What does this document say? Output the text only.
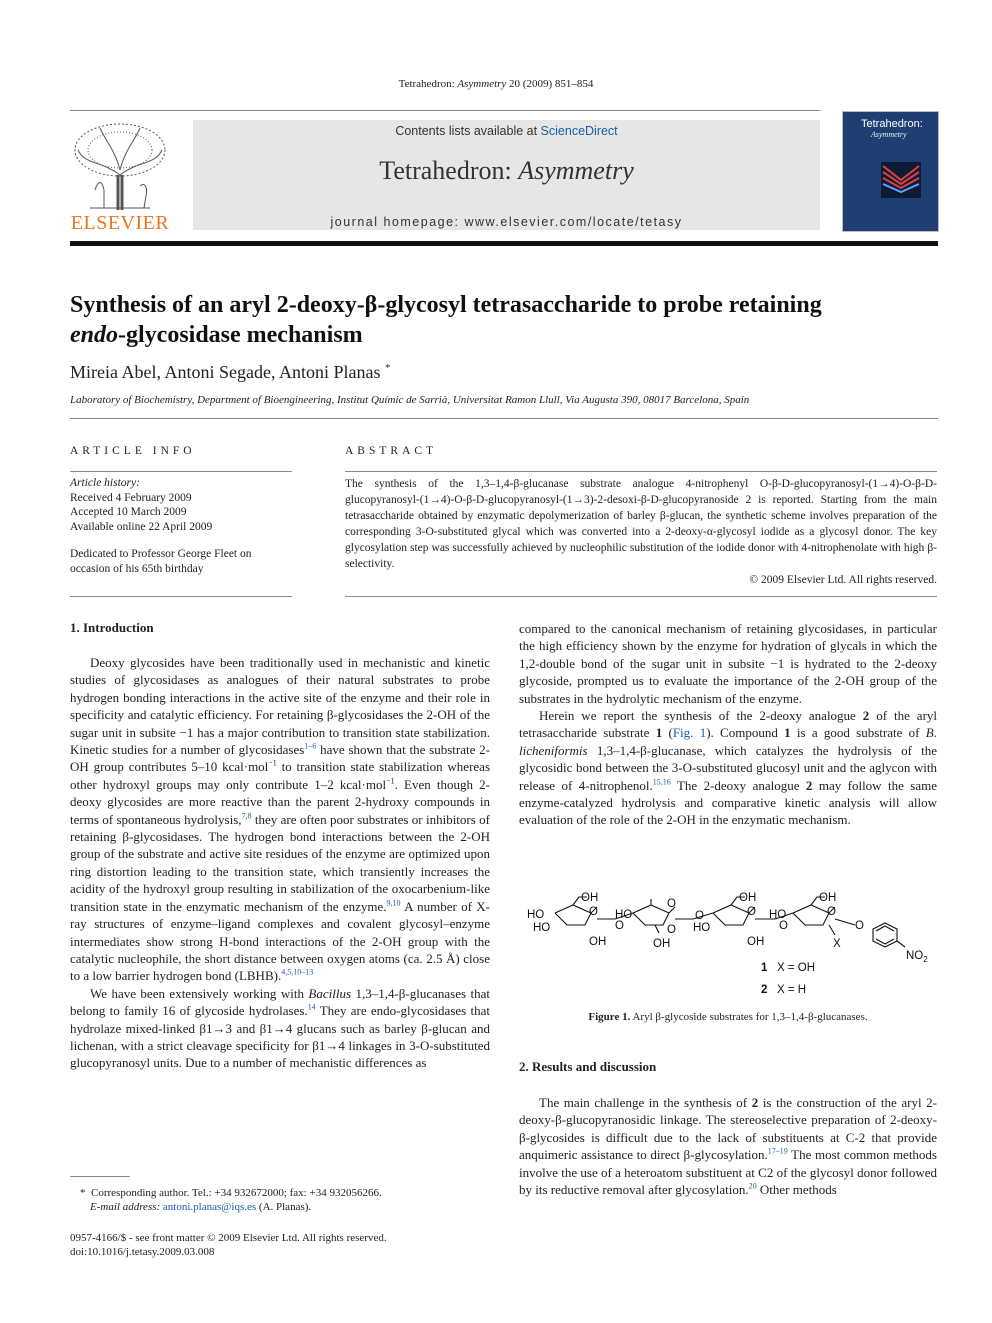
Tetrahedron: Asymmetry 20 (2009) 851–854
ELSEVIER
Contents lists available at ScienceDirect
Tetrahedron: Asymmetry
journal homepage: www.elsevier.com/locate/tetasy
Tetrahedron:
Asymmetry
Synthesis of an aryl 2-deoxy-β-glycosyl tetrasaccharide to probe retaining
endo-glycosidase mechanism
Mireia Abel, Antoni Segade, Antoni Planas *
Laboratory of Biochemistry, Department of Bioengineering, Institut Químic de Sarrià, Universitat Ramon Llull, Via Augusta 390, 08017 Barcelona, Spain
ARTICLE INFO
Article history:
Received 4 February 2009
Accepted 10 March 2009
Available online 22 April 2009

Dedicated to Professor George Fleet on
occasion of his 65th birthday
ABSTRACT
The synthesis of the 1,3–1,4-β-glucanase substrate analogue 4-nitrophenyl O-β-D-glucopyranosyl-(1→4)-O-β-D-glucopyranosyl-(1→4)-O-β-D-glucopyranosyl-(1→3)-2-desoxi-β-D-glucopyranoside 2 is reported. Starting from the main tetrasaccharide obtained by enzymatic depolymerization of barley β-glucan, the synthetic scheme involves preparation of the corresponding 3-O-substituted glycal which was converted into a 2-deoxy-α-glycosyl iodide as a glycosyl donor. The key glycosylation step was successfully achieved by nucleophilic substitution of the iodide donor with 4-nitrophenolate with high β-selectivity.
© 2009 Elsevier Ltd. All rights reserved.
1. Introduction

Deoxy glycosides have been traditionally used in mechanistic and kinetic studies of glycosidases as analogues of their natural substrates to probe hydrogen bonding interactions in the active site of the enzyme and their role in specificity and catalytic efficiency. For retaining β-glycosidases the 2-OH of the sugar unit in subsite −1 has a major contribution to transition state stabilization. Kinetic studies for a number of glycosidases$^{1-6}$ have shown that the substrate 2-OH group contributes 5–10 kcal·mol$^{-1}$ to transition state stabilization whereas other hydroxyl groups may only contribute 1–2 kcal·mol$^{-1}$. Even though 2-deoxy glycosides are more reactive than the parent 2-hydroxy compounds in terms of spontaneous hydrolysis,$^{7,8}$ they are often poor substrates or inhibitors of retaining β-glycosidases. The hydrogen bond interactions between the 2-OH group of the substrate and active site residues of the enzyme are optimized upon ring distortion leading to the transition state, which transiently increases the acidity of the hydroxyl group resulting in stabilization of the oxocarbenium-like transition state in the enzymatic mechanism of the enzyme.$^{9,10}$ A number of X-ray structures of enzyme–ligand complexes and covalent glycosyl–enzyme intermediates show strong H-bond interactions of the 2-OH group with the catalytic nucleophile, the short distance between oxygen atoms (ca. 2.5 Å) close to a low barrier hydrogen bond (LBHB).$^{4,5,10-13}$

We have been extensively working with Bacillus 1,3–1,4-β-glucanases that belong to family 16 of glycoside hydrolases.$^{14}$ They are endo-glycosidases that hydrolaze mixed-linked β1→3 and β1→4 glucans such as barley β-glucan and lichenan, with a strict cleavage specificity for β1→4 linkages in 3-O-substituted glucopyranosyl units. Due to a number of mechanistic differences as

compared to the canonical mechanism of retaining glycosidases, in particular the high efficiency shown by the enzyme for hydration of glycals in which the 1,2-double bond of the sugar unit in subsite −1 is hydrated to the 2-deoxy glycoside, prompted us to evaluate the importance of the 2-OH group of the substrates in the hydrolytic mechanism of the enzyme.

Herein we report the synthesis of the 2-deoxy analogue 2 of the aryl tetrasaccharide substrate 1 (Fig. 1). Compound 1 is a good substrate of B. licheniformis 1,3–1,4-β-glucanase, which catalyzes the hydrolysis of the glycosidic bond between the 3-O-substituted glucosyl unit and the aglycon with release of 4-nitrophenol.$^{15,16}$ The 2-deoxy analogue 2 may follow the same enzyme-catalyzed hydrolysis and comparative kinetic analysis will allow evaluation of the role of the 2-OH in the enzymatic mechanism.

HO
HO
OH
O
OH
O
HO
O
O
OH
O
HO
OH
O
OH
HO
O
OH
O
X
O
$NO_2$
1 X = OH
2 X = H
Figure 1. Aryl β-glycoside substrates for 1,3–1,4-β-glucanases.
2. Results and discussion

The main challenge in the synthesis of 2 is the construction of the aryl 2-deoxy-β-glucopyranosidic linkage. The stereoselective preparation of 2-deoxy-β-glycosides is difficult due to the lack of substituents at C-2 that provide anquimeric assistance to direct β-glycosylation.$^{17-19}$ The most common methods involve the use of a heteroatom substituent at C2 of the glycosyl donor followed by its reductive removal after glycosylation.$^{20}$ Other methods

* Corresponding author. Tel.: +34 932672000; fax: +34 932056266.
E-mail address: antoni.planas@iqs.es (A. Planas).
0957-4166/$ - see front matter © 2009 Elsevier Ltd. All rights reserved.
doi:10.1016/j.tetasy.2009.03.008
